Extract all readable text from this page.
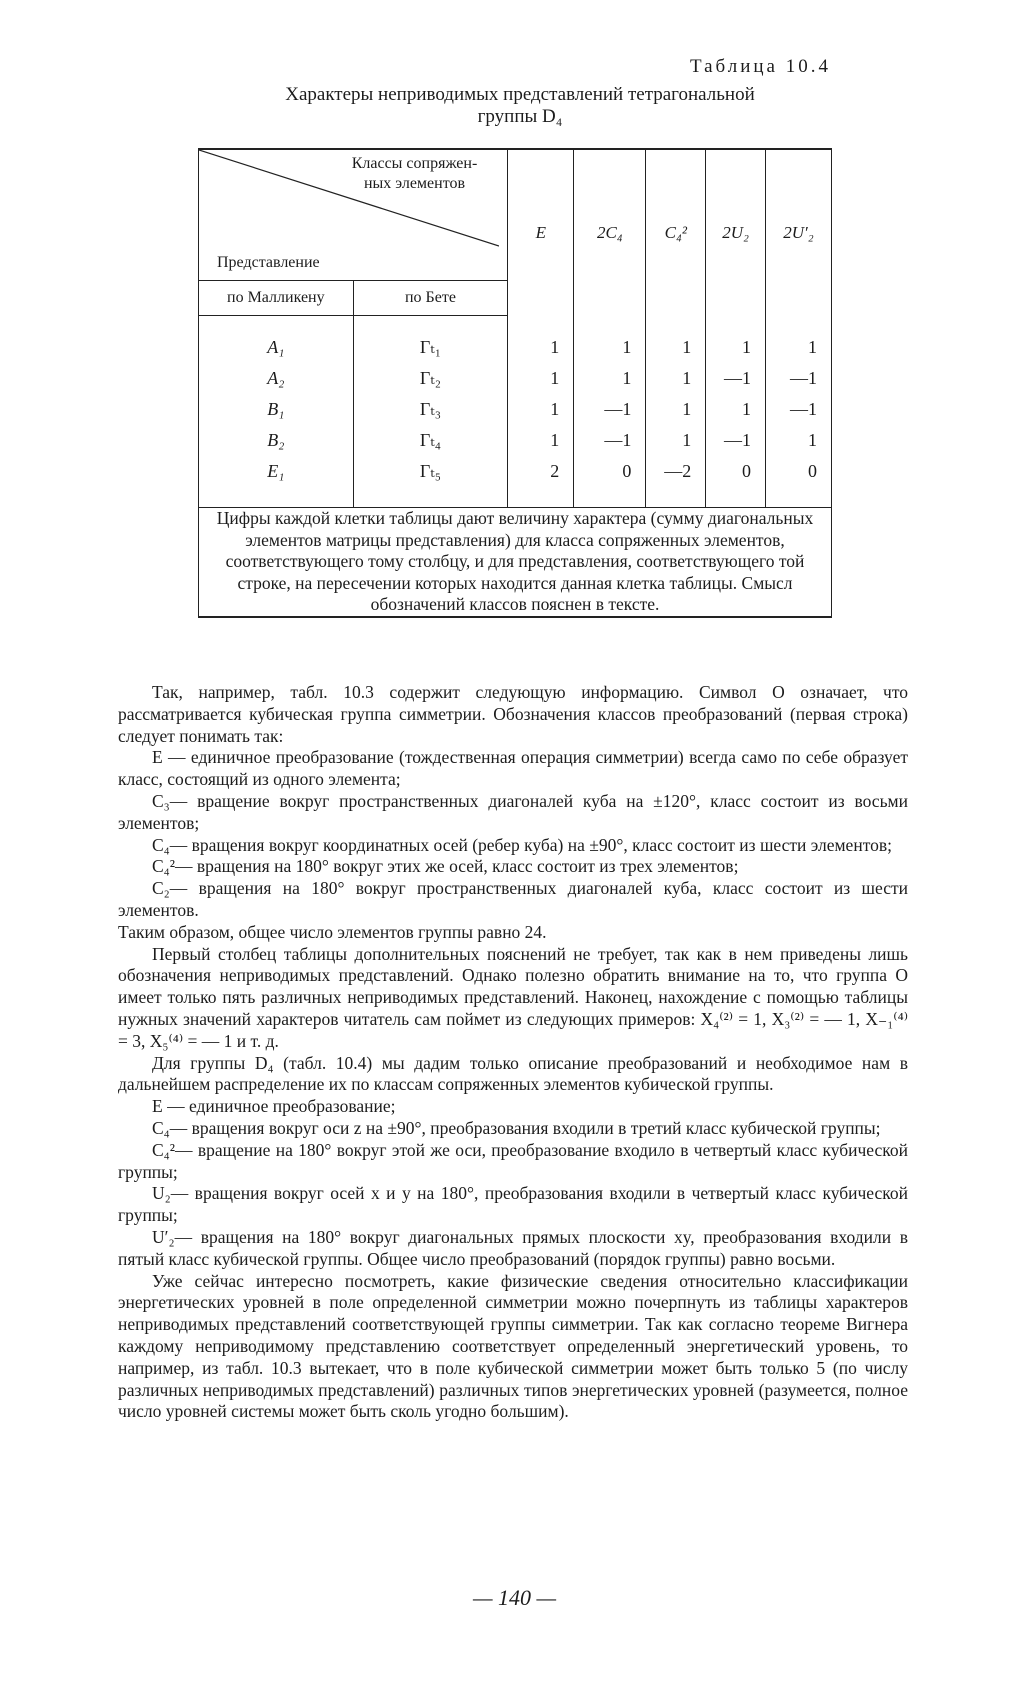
Таблица 10.4
Характеры неприводимых представлений тетрагональной
группы D₄
Классы сопряжен-
ных элементов
Представление		E	2C₄	C₄²	2U₂	2U′₂
по Малликену	по Бете					
A₁	Γₜ₁	1	1	1	1	1
A₂	Γₜ₂	1	1	1	—1	—1
B₁	Γₜ₃	1	—1	1	1	—1
B₂	Γₜ₄	1	—1	1	—1	1
E₁	Γₜ₅	2	0	—2	0	0
Цифры каждой клетки таблицы дают величину характера (сумму диагональных элементов матрицы представления) для класса сопряженных элементов, соответствующего тому столбцу, и для представления, соответствующего той строке, на пересечении которых находится данная клетка таблицы. Смысл обозначений классов пояснен в тексте.						

Так, например, табл. 10.3 содержит следующую информацию. Символ O означает, что рассматривается кубическая группа симметрии. Обозначения классов преобразований (первая строка) следует понимать так:

E — единичное преобразование (тождественная операция симметрии) всегда само по себе образует класс, состоящий из одного элемента;

C₃— вращение вокруг пространственных диагоналей куба на ±120°, класс состоит из восьми элементов;

C₄— вращения вокруг координатных осей (ребер куба) на ±90°, класс состоит из шести элементов;

C₄²— вращения на 180° вокруг этих же осей, класс состоит из трех элементов;

C₂— вращения на 180° вокруг пространственных диагоналей куба, класс состоит из шести элементов.

Таким образом, общее число элементов группы равно 24.

Первый столбец таблицы дополнительных пояснений не требует, так как в нем приведены лишь обозначения неприводимых представлений. Однако полезно обратить внимание на то, что группа O имеет только пять различных неприводимых представлений. Наконец, нахождение с помощью таблицы нужных значений характеров читатель сам поймет из следующих примеров: X₄⁽²⁾ = 1, X₃⁽²⁾ = — 1, X₋₁⁽⁴⁾ = 3, X₅⁽⁴⁾ = — 1 и т. д.

Для группы D₄ (табл. 10.4) мы дадим только описание преобразований и необходимое нам в дальнейшем распределение их по классам сопряженных элементов кубической группы.

E — единичное преобразование;

C₄— вращения вокруг оси z на ±90°, преобразования входили в третий класс кубической группы;

C₄²— вращение на 180° вокруг этой же оси, преобразование входило в четвертый класс кубической группы;

U₂— вращения вокруг осей x и y на 180°, преобразования входили в четвертый класс кубической группы;

U′₂— вращения на 180° вокруг диагональных прямых плоскости xy, преобразования входили в пятый класс кубической группы. Общее число преобразований (порядок группы) равно восьми.

Уже сейчас интересно посмотреть, какие физические сведения относительно классификации энергетических уровней в поле определенной симметрии можно почерпнуть из таблицы характеров неприводимых представлений соответствующей группы симметрии. Так как согласно теореме Вигнера каждому неприводимому представлению соответствует определенный энергетический уровень, то например, из табл. 10.3 вытекает, что в поле кубической симметрии может быть только 5 (по числу различных неприводимых представлений) различных типов энергетических уровней (разумеется, полное число уровней системы может быть сколь угодно большим).

— 140 —
